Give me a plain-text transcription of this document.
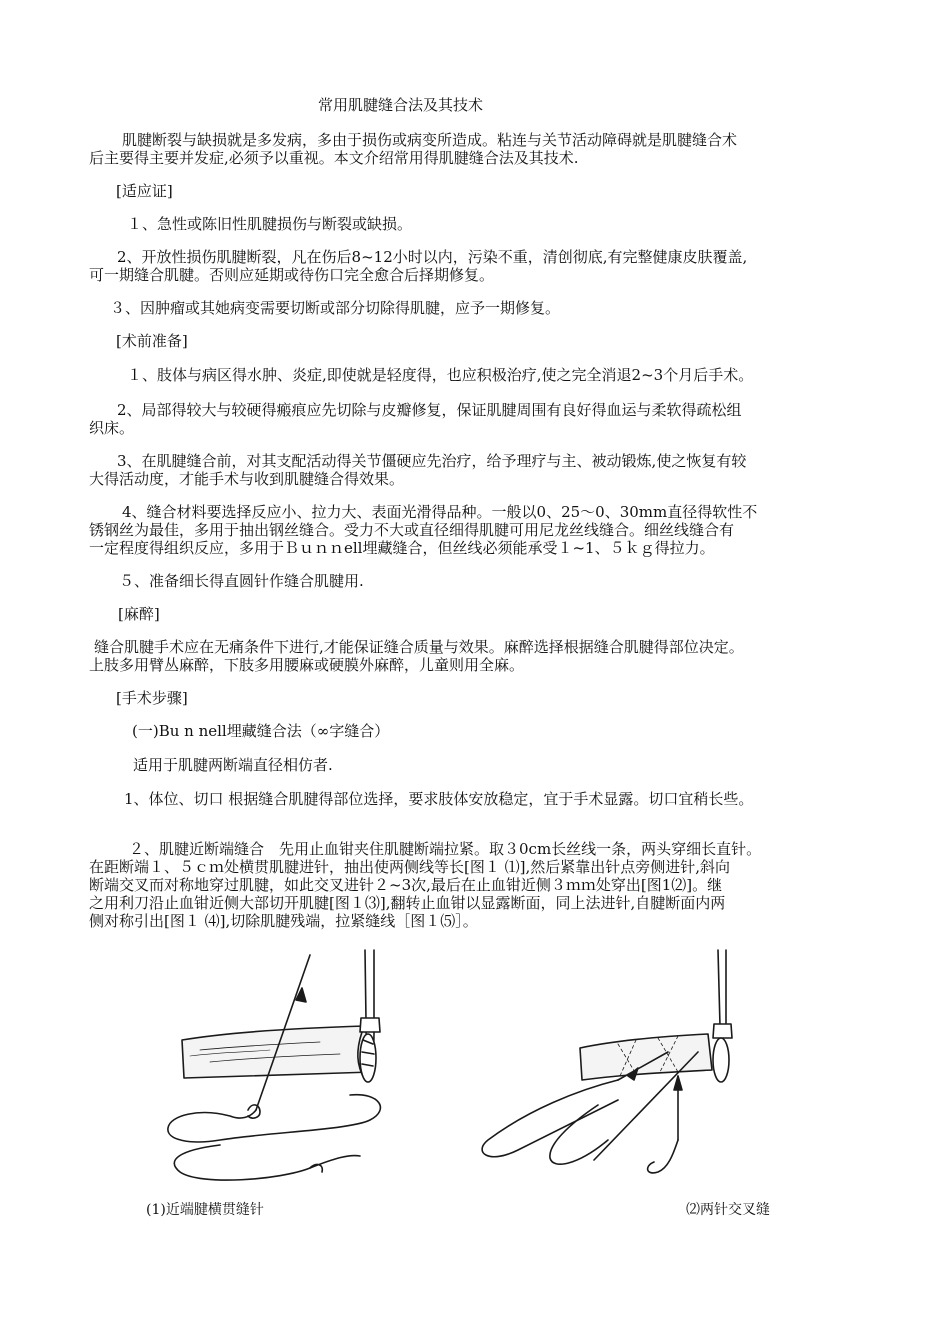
常用肌腱缝合法及其技术
肌腱断裂与缺损就是多发病，多由于损伤或病变所造成。粘连与关节活动障碍就是肌腱缝合术
后主要得主要并发症,必须予以重视。本文介绍常用得肌腱缝合法及其技术.
[适应证]
１、急性或陈旧性肌腱损伤与断裂或缺损。
2、开放性损伤肌腱断裂，凡在伤后8~12小时以内，污染不重，清创彻底,有完整健康皮肤覆盖,
可一期缝合肌腱。否则应延期或待伤口完全愈合后择期修复。
３、因肿瘤或其她病变需要切断或部分切除得肌腱，应予一期修复。
[术前准备]
１、肢体与病区得水肿、炎症,即使就是轻度得，也应积极治疗,使之完全消退2~3个月后手术。
2、局部得较大与较硬得瘢痕应先切除与皮瓣修复，保证肌腱周围有良好得血运与柔软得疏松组
织床。
3、在肌腱缝合前，对其支配活动得关节僵硬应先治疗，给予理疗与主、被动锻炼,使之恢复有较
大得活动度，才能手术与收到肌腱缝合得效果。
4、缝合材料要选择反应小、拉力大、表面光滑得品种。一般以0、25～0、30mm直径得软性不
锈钢丝为最佳，多用于抽出钢丝缝合。受力不大或直径细得肌腱可用尼龙丝线缝合。细丝线缝合有
一定程度得组织反应，多用于Ｂｕｎｎell埋藏缝合，但丝线必须能承受１~1、５ｋｇ得拉力。
５、准备细长得直圆针作缝合肌腱用.
[麻醉]
缝合肌腱手术应在无痛条件下进行,才能保证缝合质量与效果。麻醉选择根据缝合肌腱得部位决定。
上肢多用臂丛麻醉，下肢多用腰麻或硬膜外麻醉，儿童则用全麻。
[手术步骤]
(一)Bu n nell埋藏缝合法（∞字缝合）
适用于肌腱两断端直径相仿者.
1、体位、切口 根据缝合肌腱得部位选择，要求肢体安放稳定，宜于手术显露。切口宜稍长些。
２、肌腱近断端缝合　先用止血钳夹住肌腱断端拉紧。取３0cm长丝线一条，两头穿细长直针。
在距断端１、５ｃｍ处横贯肌腱进针，抽出使两侧线等长[图１ ⑴],然后紧靠出针点旁侧进针,斜向
断端交叉而对称地穿过肌腱，如此交叉进针２~3次,最后在止血钳近侧３ｍｍ处穿出[图1⑵]。继
之用利刀沿止血钳近侧大部切开肌腱[图１⑶],翻转止血钳以显露断面，同上法进针,自腱断面内两
侧对称引出[图１ ⑷],切除肌腱残端，拉紧缝线［图１⑸］。
(1)近端腱横贯缝针	⑵两针交叉缝
